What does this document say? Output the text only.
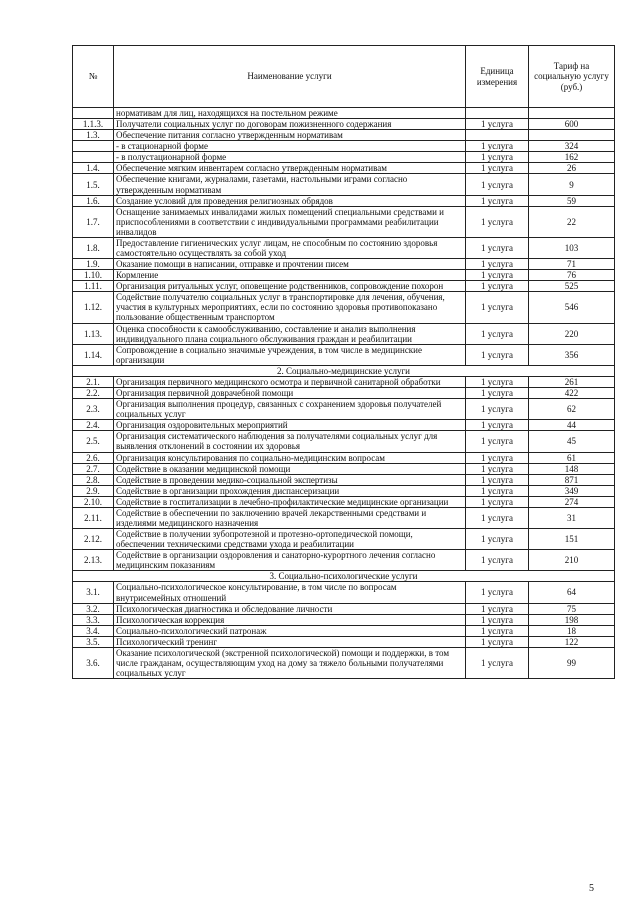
№	Наименование услуги	Единица измерения	Тариф на социальную услугу (руб.)
	нормативам для лиц, находящихся на постельном режиме		
1.1.3.	Получатели социальных услуг по договорам пожизненного содержания	1 услуга	600
1.3.	Обеспечение питания согласно утвержденным нормативам		
	- в стационарной форме	1 услуга	324
	- в полустационарной форме	1 услуга	162
1.4.	Обеспечение мягким инвентарем согласно утвержденным нормативам	1 услуга	26
1.5.	Обеспечение книгами, журналами, газетами, настольными играми согласно утвержденным нормативам	1 услуга	9
1.6.	Создание условий для проведения религиозных обрядов	1 услуга	59
1.7.	Оснащение занимаемых инвалидами жилых помещений специальными средствами и приспособлениями в соответствии с индивидуальными программами реабилитации инвалидов	1 услуга	22
1.8.	Предоставление гигиенических услуг лицам, не способным по состоянию здоровья самостоятельно осуществлять за собой уход	1 услуга	103
1.9.	Оказание помощи в написании, отправке и прочтении писем	1 услуга	71
1.10.	Кормление	1 услуга	76
1.11.	Организация ритуальных услуг, оповещение родственников, сопровождение похорон	1 услуга	525
1.12.	Содействие получателю социальных услуг в транспортировке для лечения, обучения, участия в культурных мероприятиях, если по состоянию здоровья противопоказано пользование общественным транспортом	1 услуга	546
1.13.	Оценка способности к самообслуживанию, составление и анализ выполнения индивидуального плана социального обслуживания граждан и реабилитации	1 услуга	220
1.14.	Сопровождение в социально значимые учреждения, в том числе в медицинские организации	1 услуга	356
2. Социально-медицинские услуги			
2.1.	Организация первичного медицинского осмотра и первичной санитарной обработки	1 услуга	261
2.2.	Организация первичной доврачебной помощи	1 услуга	422
2.3.	Организация выполнения процедур, связанных с сохранением здоровья получателей социальных услуг	1 услуга	62
2.4.	Организация оздоровительных мероприятий	1 услуга	44
2.5.	Организация систематического наблюдения за получателями социальных услуг для выявления отклонений в состоянии их здоровья	1 услуга	45
2.6.	Организация консультирования по социально-медицинским вопросам	1 услуга	61
2.7.	Содействие в оказании медицинской помощи	1 услуга	148
2.8.	Содействие в проведении медико-социальной экспертизы	1 услуга	871
2.9.	Содействие в организации прохождения диспансеризации	1 услуга	349
2.10.	Содействие в госпитализации в лечебно-профилактические медицинские организации	1 услуга	274
2.11.	Содействие в обеспечении по заключению врачей лекарственными средствами и изделиями медицинского назначения	1 услуга	31
2.12.	Содействие в получении зубопротезной и протезно-ортопедической помощи, обеспечении техническими средствами ухода и реабилитации	1 услуга	151
2.13.	Содействие в организации оздоровления и санаторно-курортного лечения согласно медицинским показаниям	1 услуга	210
3. Социально-психологические услуги			
3.1.	Социально-психологическое консультирование, в том числе по вопросам внутрисемейных отношений	1 услуга	64
3.2.	Психологическая диагностика и обследование личности	1 услуга	75
3.3.	Психологическая коррекция	1 услуга	198
3.4.	Социально-психологический патронаж	1 услуга	18
3.5.	Психологический тренинг	1 услуга	122
3.6.	Оказание психологической (экстренной психологической) помощи и поддержки, в том числе гражданам, осуществляющим уход на дому за тяжело больными получателями социальных услуг	1 услуга	99
5
